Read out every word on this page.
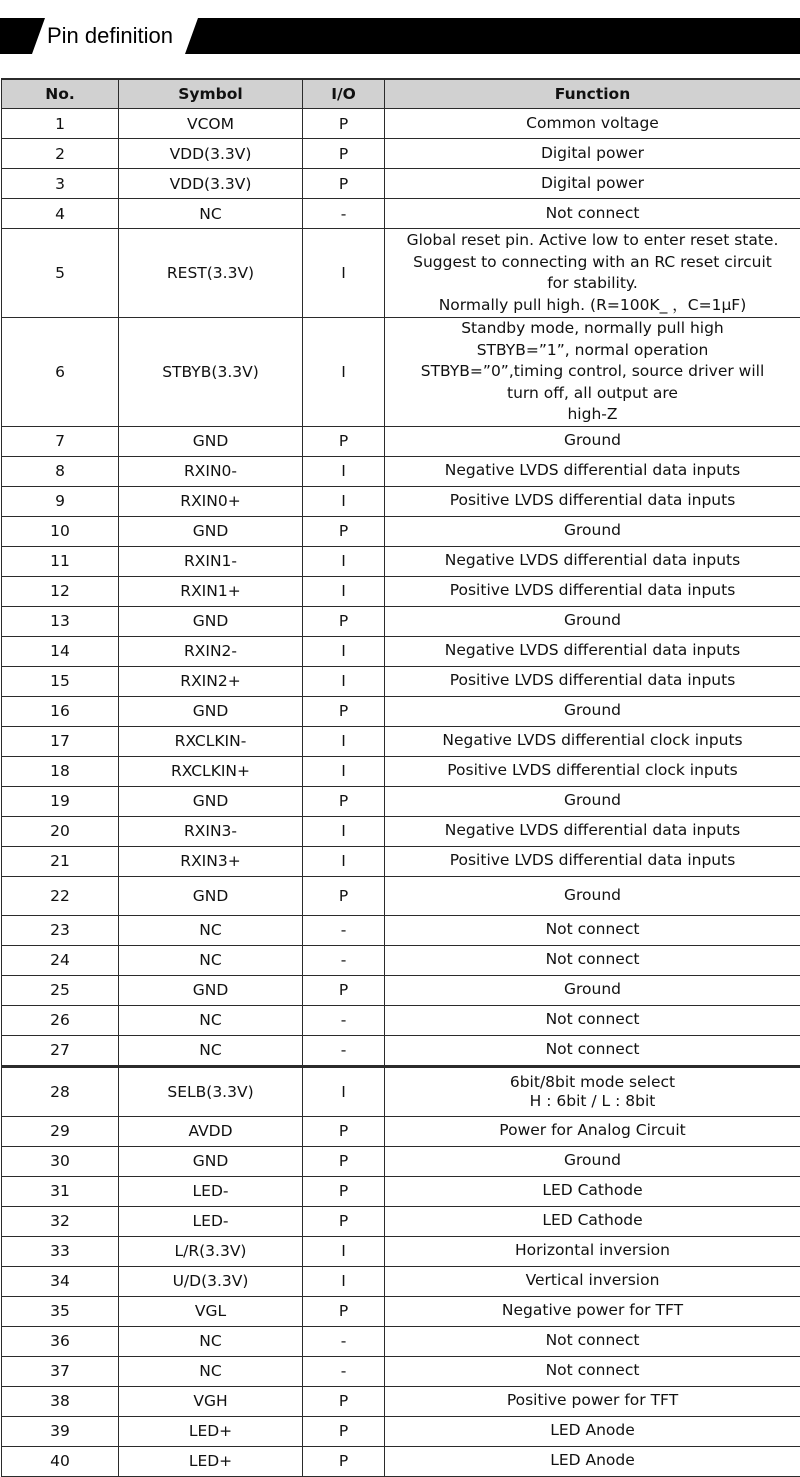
Pin definition
No.	Symbol	I/O	Function
1	VCOM	P	Common voltage
2	VDD(3.3V)	P	Digital power
3	VDD(3.3V)	P	Digital power
4	NC	-	Not connect
5	REST(3.3V)	I	Global reset pin. Active low to enter reset state.
Suggest to connecting with an RC reset circuit
for stability.
Normally pull high. (R=100K_ ，C=1μF)
6	STBYB(3.3V)	I	Standby mode, normally pull high
STBYB=”1”, normal operation
STBYB=”0”,timing control, source driver will
turn off, all output are
high-Z
7	GND	P	Ground
8	RXIN0-	I	Negative LVDS differential data inputs
9	RXIN0+	I	Positive LVDS differential data inputs
10	GND	P	Ground
11	RXIN1-	I	Negative LVDS differential data inputs
12	RXIN1+	I	Positive LVDS differential data inputs
13	GND	P	Ground
14	RXIN2-	I	Negative LVDS differential data inputs
15	RXIN2+	I	Positive LVDS differential data inputs
16	GND	P	Ground
17	RXCLKIN-	I	Negative LVDS differential clock inputs
18	RXCLKIN+	I	Positive LVDS differential clock inputs
19	GND	P	Ground
20	RXIN3-	I	Negative LVDS differential data inputs
21	RXIN3+	I	Positive LVDS differential data inputs
22	GND	P	Ground
23	NC	-	Not connect
24	NC	-	Not connect
25	GND	P	Ground
26	NC	-	Not connect
27	NC	-	Not connect
28	SELB(3.3V)	I	6bit/8bit mode select
H : 6bit / L : 8bit
29	AVDD	P	Power for Analog Circuit
30	GND	P	Ground
31	LED-	P	LED Cathode
32	LED-	P	LED Cathode
33	L/R(3.3V)	I	Horizontal inversion
34	U/D(3.3V)	I	Vertical inversion
35	VGL	P	Negative power for TFT
36	NC	-	Not connect
37	NC	-	Not connect
38	VGH	P	Positive power for TFT
39	LED+	P	LED Anode
40	LED+	P	LED Anode
